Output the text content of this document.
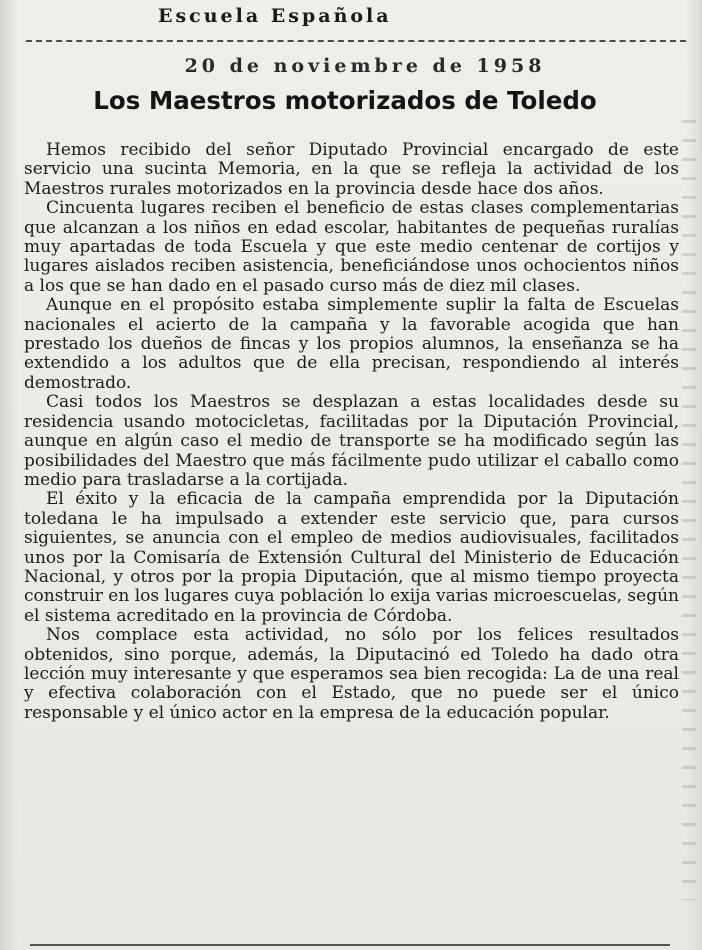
Escuela Española
20 de noviembre de 1958
Los Maestros motorizados de Toledo

Hemos recibido del señor Diputado Provincial encargado de este servicio una sucinta Memoria, en la que se refleja la actividad de los Maestros rurales motorizados en la provincia desde hace dos años.

Cincuenta lugares reciben el beneficio de estas clases complementarias que alcanzan a los niños en edad escolar, habitantes de pequeñas ruralías muy apartadas de toda Escuela y que este medio centenar de cortijos y lugares aislados reciben asistencia, beneficiándose unos ochocientos niños a los que se han dado en el pasado curso más de diez mil clases.

Aunque en el propósito estaba simplemente suplir la falta de Escuelas nacionales el acierto de la campaña y la favorable acogida que han prestado los dueños de fincas y los propios alumnos, la enseñanza se ha extendido a los adultos que de ella precisan, respondiendo al interés demostrado.

Casi todos los Maestros se desplazan a estas localidades desde su residencia usando motocicletas, facilitadas por la Diputación Provincial, aunque en algún caso el medio de transporte se ha modificado según las posibilidades del Maestro que más fácilmente pudo utilizar el caballo como medio para trasladarse a la cortijada.

El éxito y la eficacia de la campaña emprendida por la Diputación toledana le ha impulsado a extender este servicio que, para cursos siguientes, se anuncia con el empleo de medios audiovisuales, facilitados unos por la Comisaría de Extensión Cultural del Ministerio de Educación Nacional, y otros por la propia Diputación, que al mismo tiempo proyecta construir en los lugares cuya población lo exija varias microescuelas, según el sistema acreditado en la provincia de Córdoba.

Nos complace esta actividad, no sólo por los felices resultados obtenidos, sino porque, además, la Diputacinó ed Toledo ha dado otra lección muy interesante y que esperamos sea bien recogida: La de una real y efectiva colaboración con el Estado, que no puede ser el único responsable y el único actor en la empresa de la educación popular.
